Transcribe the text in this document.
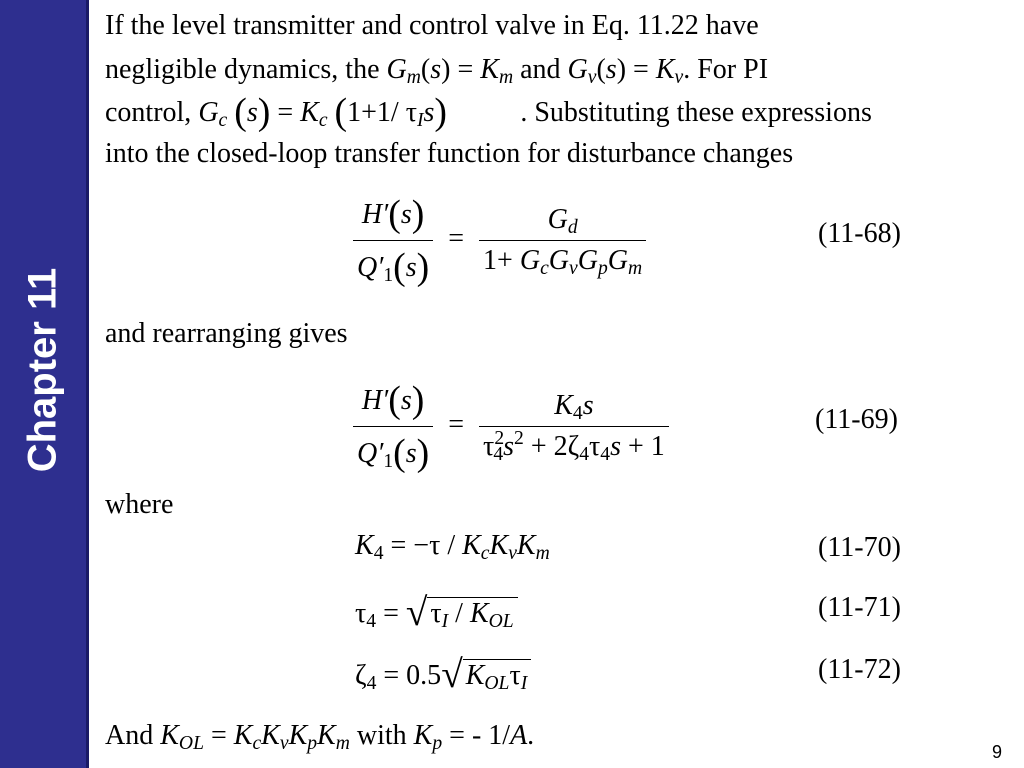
Chapter 11
If the level transmitter and control valve in Eq. 11.22 have
negligible dynamics, the $G_m(s) = K_m$ and $G_v(s) = K_v$. For PI
control, $G_c$ $(s) = K_c$ (1+1/ $\tau_Is$)	. Substituting these expressions
into the closed-loop transfer function for disturbance changes
$\frac{H'(s)}{Q'_1(s)} = \frac{G_d}{1+ G_cG_vG_pG_m}$	(11-68)
and rearranging gives
$\frac{H'(s)}{Q'_1(s)} = \frac{K_4s}{\tau^2_4s^2 + 2\zeta_4\tau_4s + 1}$	(11-69)
where
$K_4 = -\tau / K_cK_vK_m$	(11-70)
$\tau_4$ = √ $\tau_I / K_{OL}$	(11-71)
$\zeta_4 = 0.5√$ $K_{OL}\tau_I$	(11-72)
And $K_{OL} = K_cK_vK_pK_m$ with $K_p$ = - 1/A.
9
